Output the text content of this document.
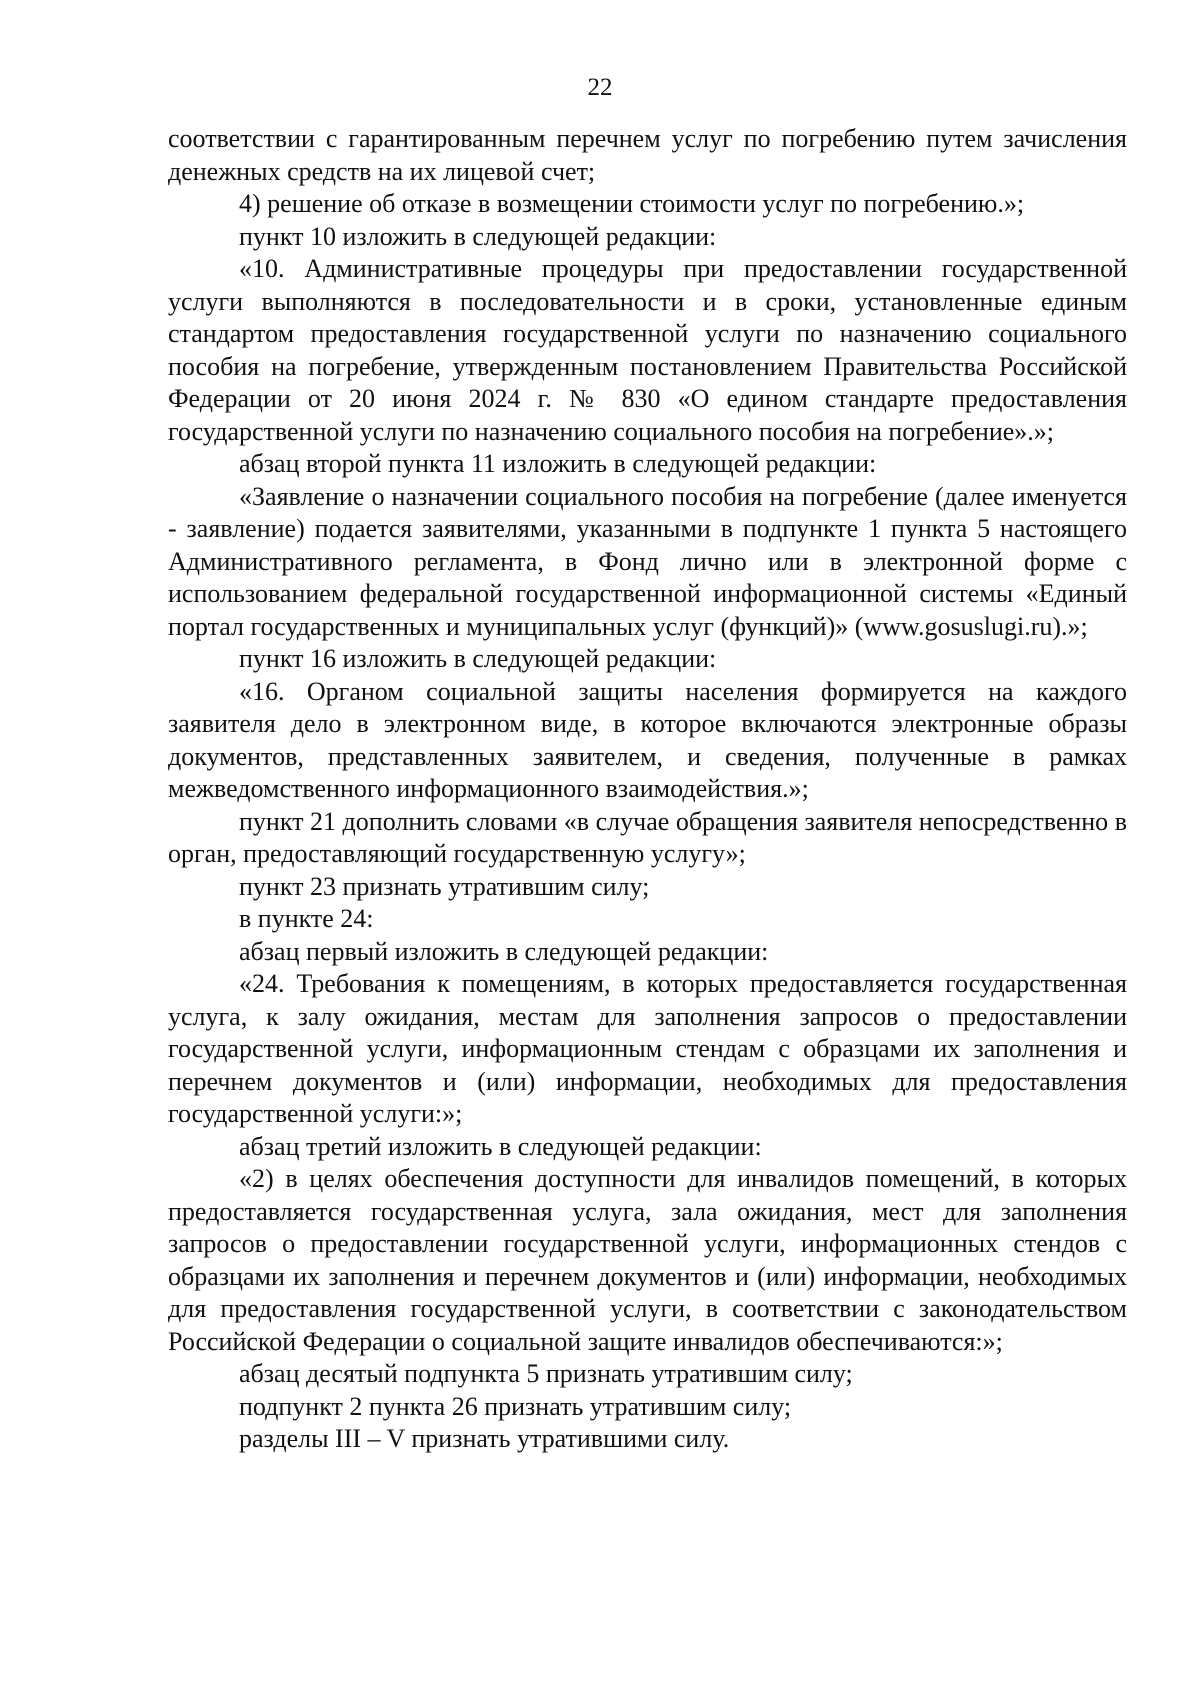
22

соответствии с гарантированным перечнем услуг по погребению путем зачисления денежных средств на их лицевой счет;

4) решение об отказе в возмещении стоимости услуг по погребению.»;

пункт 10 изложить в следующей редакции:

«10. Административные процедуры при предоставлении государственной услуги выполняются в последовательности и в сроки, установленные единым стандартом предоставления государственной услуги по назначению социального пособия на погребение, утвержденным постановлением Правительства Российской Федерации от 20 июня 2024 г. № 830 «О едином стандарте предоставления государственной услуги по назначению социального пособия на погребение».»;

абзац второй пункта 11 изложить в следующей редакции:

«Заявление о назначении социального пособия на погребение (далее именуется - заявление) подается заявителями, указанными в подпункте 1 пункта 5 настоящего Административного регламента, в Фонд лично или в электронной форме с использованием федеральной государственной информационной системы «Единый портал государственных и муниципальных услуг (функций)» (www.gosuslugi.ru).»;

пункт 16 изложить в следующей редакции:

«16. Органом социальной защиты населения формируется на каждого заявителя дело в электронном виде, в которое включаются электронные образы документов, представленных заявителем, и сведения, полученные в рамках межведомственного информационного взаимодействия.»;

пункт 21 дополнить словами «в случае обращения заявителя непосредственно в орган, предоставляющий государственную услугу»;

пункт 23 признать утратившим силу;

в пункте 24:

абзац первый изложить в следующей редакции:

«24. Требования к помещениям, в которых предоставляется государственная услуга, к залу ожидания, местам для заполнения запросов о предоставлении государственной услуги, информационным стендам с образцами их заполнения и перечнем документов и (или) информации, необходимых для предоставления государственной услуги:»;

абзац третий изложить в следующей редакции:

«2) в целях обеспечения доступности для инвалидов помещений, в которых предоставляется государственная услуга, зала ожидания, мест для заполнения запросов о предоставлении государственной услуги, информационных стендов с образцами их заполнения и перечнем документов и (или) информации, необходимых для предоставления государственной услуги, в соответствии с законодательством Российской Федерации о социальной защите инвалидов обеспечиваются:»;

абзац десятый подпункта 5 признать утратившим силу;

подпункт 2 пункта 26 признать утратившим силу;

разделы III – V признать утратившими силу.
